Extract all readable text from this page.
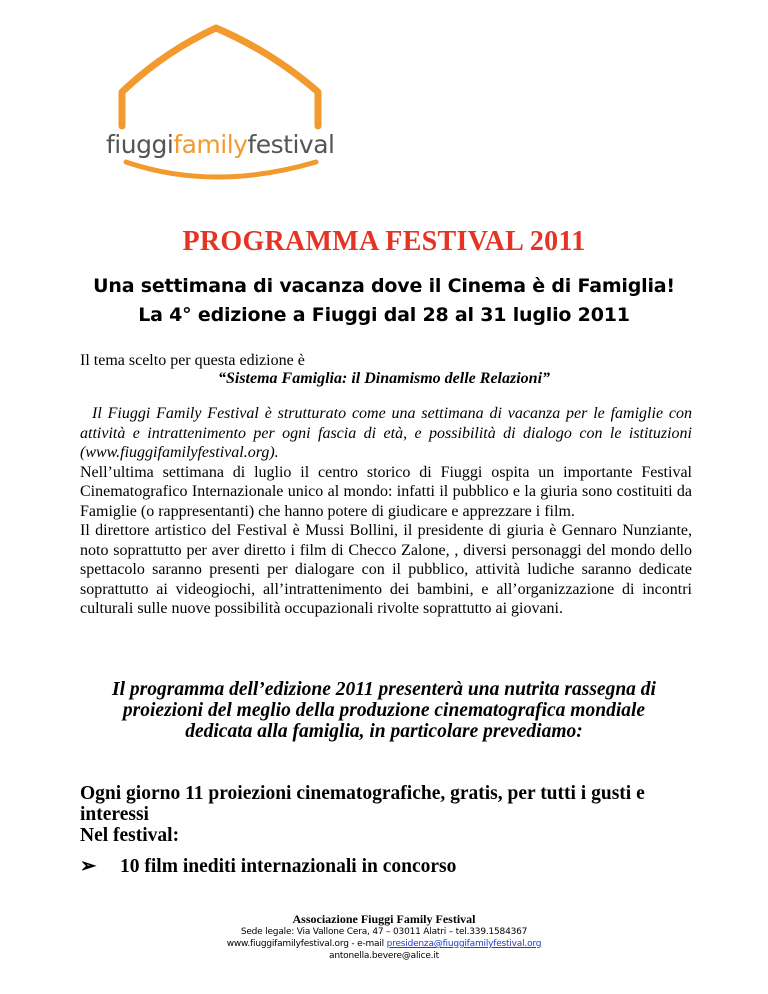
fiuggifamilyfestival
PROGRAMMA FESTIVAL 2011
Una settimana di vacanza dove il Cinema è di Famiglia!
La 4° edizione a Fiuggi dal 28 al 31 luglio 2011
Il tema scelto per questa edizione è
“Sistema Famiglia: il Dinamismo delle Relazioni”
Il Fiuggi Family Festival è strutturato come una settimana di vacanza per le famiglie con attività e intrattenimento per ogni fascia di età, e possibilità di dialogo con le istituzioni (www.fiuggifamilyfestival.org).
Nell’ultima settimana di luglio il centro storico di Fiuggi ospita un importante Festival Cinematografico Internazionale unico al mondo: infatti il pubblico e la giuria sono costituiti da Famiglie (o rappresentanti) che hanno potere di giudicare e apprezzare i film.
Il direttore artistico del Festival è Mussi Bollini, il presidente di giuria è Gennaro Nunziante, noto soprattutto per aver diretto i film di Checco Zalone, , diversi personaggi del mondo dello spettacolo saranno presenti per dialogare con il pubblico, attività ludiche saranno dedicate soprattutto ai videogiochi, all’intrattenimento dei bambini, e all’organizzazione di incontri culturali sulle nuove possibilità occupazionali rivolte soprattutto ai giovani.
Il programma dell’edizione 2011 presenterà una nutrita rassegna di proiezioni del meglio della produzione cinematografica mondiale dedicata alla famiglia, in particolare prevediamo:
Ogni giorno 11 proiezioni cinematografiche, gratis, per tutti i gusti e interessi
Nel festival:
➢ 10 film inediti internazionali in concorso
Associazione Fiuggi Family Festival
Sede legale: Via Vallone Cera, 47 – 03011 Alatri – tel.339.1584367
www.fiuggifamilyfestival.org - e-mail presidenza@fiuggifamilyfestival.org
antonella.bevere@alice.it
